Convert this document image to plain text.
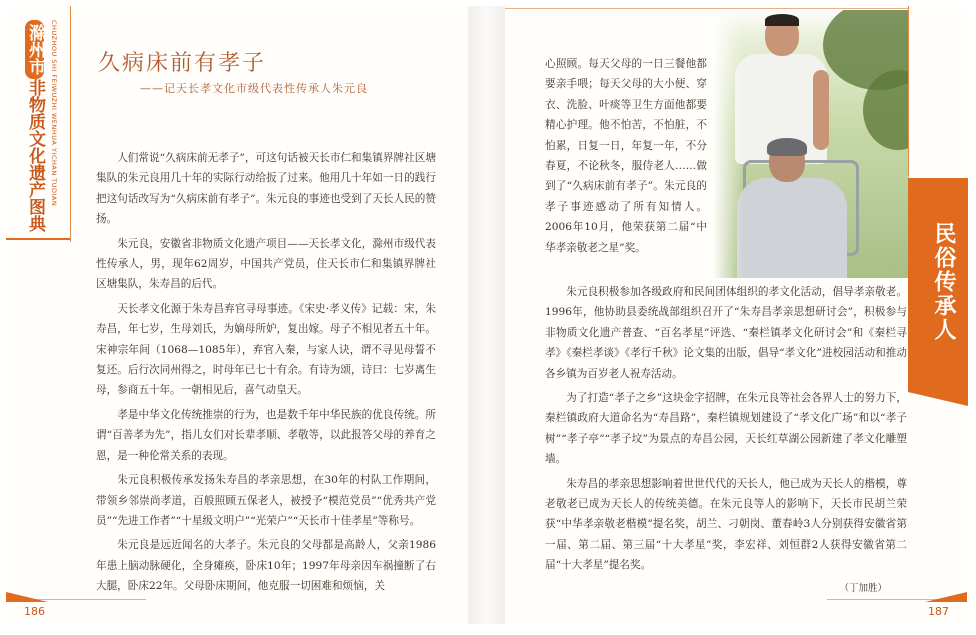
滁州市非物质文化遗产图典 CHUZHOU SHI FEIWUZHI WENHUA YICHAN TUDIAN 久病床前有孝子
——记天长孝文化市级代表性传承人朱元良

人们常说“久病床前无孝子”，可这句话被天长市仁和集镇界牌社区塘集队的朱元良用几十年的实际行动给扳了过来。他用几十年如一日的践行把这句话改写为“久病床前有孝子”。朱元良的事迹也受到了天长人民的赞扬。

朱元良，安徽省非物质文化遗产项目——天长孝文化，滁州市级代表性传承人，男，现年62周岁，中国共产党员，住天长市仁和集镇界牌社区塘集队，朱寿昌的后代。

天长孝文化源于朱寿昌弃官寻母事迹。《宋史·孝义传》记载：宋，朱寿昌，年七岁，生母刘氏，为嫡母所妒，复出嫁。母子不相见者五十年。宋神宗年间（1068—1085年），弃官入秦，与家人诀，谓不寻见母誓不复还。后行次同州得之，时母年已七十有余。有诗为颂，诗曰：七岁离生母，参商五十年。一朝相见后，喜气动皇天。

孝是中华文化传统推崇的行为，也是数千年中华民族的优良传统。所谓“百善孝为先”，指儿女们对长辈孝顺、孝敬等，以此报答父母的养育之恩，是一种伦常关系的表现。

朱元良积极传承发扬朱寿昌的孝亲思想，在30年的村队工作期间，带领乡邻崇尚孝道，百般照顾五保老人，被授予“模范党员”“优秀共产党员”“先进工作者”“十星级文明户”“光荣户”“天长市十佳孝星”等称号。

朱元良是远近闻名的大孝子。朱元良的父母都是高龄人，父亲1986年患上脑动脉硬化，全身瘫痪，卧床10年；1997年母亲因车祸撞断了右大腿，卧床22年。父母卧床期间，他克服一切困难和烦恼，关

186

心照顾。每天父母的一日三餐他都要亲手喂；每天父母的大小便、穿衣、洗脸、叶痰等卫生方面他都要精心护理。他不怕苦，不怕脏，不怕累，日复一日，年复一年，不分春夏，不论秋冬，服侍老人……做到了“久病床前有孝子”。朱元良的孝子事迹感动了所有知情人。2006年10月，他荣获第二届“中华孝亲敬老之星”奖。

朱元良积极参加各级政府和民间团体组织的孝文化活动，倡导孝亲敬老。1996年，他协助县委统战部组织召开了“朱寿昌孝亲思想研讨会”，积极参与非物质文化遗产普查、“百名孝星”评选、“秦栏镇孝文化研讨会”和《秦栏寻孝》《秦栏孝谈》《孝行千秋》论文集的出版，倡导“孝文化”进校园活动和推动各乡镇为百岁老人祝寿活动。

为了打造“孝子之乡”这块金字招牌，在朱元良等社会各界人士的努力下，秦栏镇政府大道命名为“寿昌路”，秦栏镇规划建设了“孝文化广场”和以“孝子树”“孝子亭”“孝子坟”为景点的寿昌公园，天长红草湖公园新建了孝文化雕塑墙。

朱寿昌的孝亲思想影响着世世代代的天长人，他已成为天长人的楷模，尊老敬老已成为天长人的传统美德。在朱元良等人的影响下，天长市民胡兰荣获“中华孝亲敬老楷模”提名奖，胡兰、刁朝岗、董春岭3人分别获得安徽省第一届、第二届、第三届“十大孝星”奖，李宏祥、刘恒群2人获得安徽省第二届“十大孝星”提名奖。

（丁加胜）
187
民俗传承人
